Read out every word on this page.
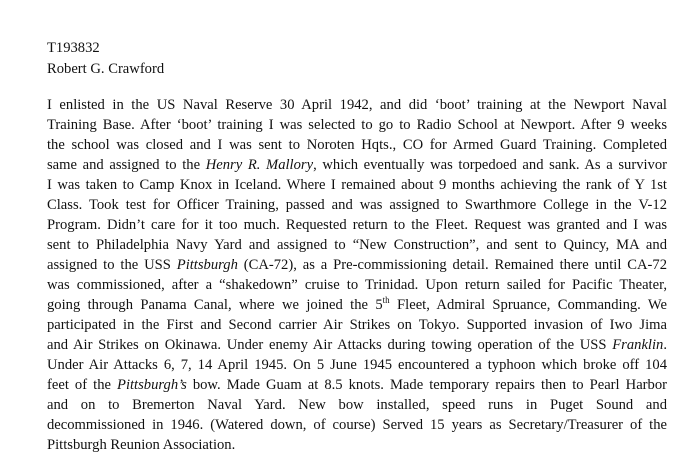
T193832
Robert G. Crawford
I enlisted in the US Naval Reserve 30 April 1942, and did ‘boot’ training at the Newport Naval
Training Base. After ‘boot’ training I was selected to go to Radio School at Newport. After 9 weeks
the school was closed and I was sent to Noroten Hqts., CO for Armed Guard Training. Completed
same and assigned to the Henry R. Mallory, which eventually was torpedoed and sank. As a survivor
I was taken to Camp Knox in Iceland. Where I remained about 9 months achieving the rank of Y 1st
Class. Took test for Officer Training, passed and was assigned to Swarthmore College in the V-12
Program. Didn’t care for it too much. Requested return to the Fleet. Request was granted and I was
sent to Philadelphia Navy Yard and assigned to “New Construction”, and sent to Quincy, MA and
assigned to the USS Pittsburgh (CA-72), as a Pre-commissioning detail. Remained there until CA-72
was commissioned, after a “shakedown” cruise to Trinidad. Upon return sailed for Pacific Theater,
going through Panama Canal, where we joined the 5th Fleet, Admiral Spruance, Commanding. We
participated in the First and Second carrier Air Strikes on Tokyo. Supported invasion of Iwo Jima
and Air Strikes on Okinawa. Under enemy Air Attacks during towing operation of the USS Franklin.
Under Air Attacks 6, 7, 14 April 1945. On 5 June 1945 encountered a typhoon which broke off 104
feet of the Pittsburgh’s bow. Made Guam at 8.5 knots. Made temporary repairs then to Pearl Harbor
and on to Bremerton Naval Yard. New bow installed, speed runs in Puget Sound and
decommissioned in 1946. (Watered down, of course) Served 15 years as Secretary/Treasurer of the
Pittsburgh Reunion Association.
